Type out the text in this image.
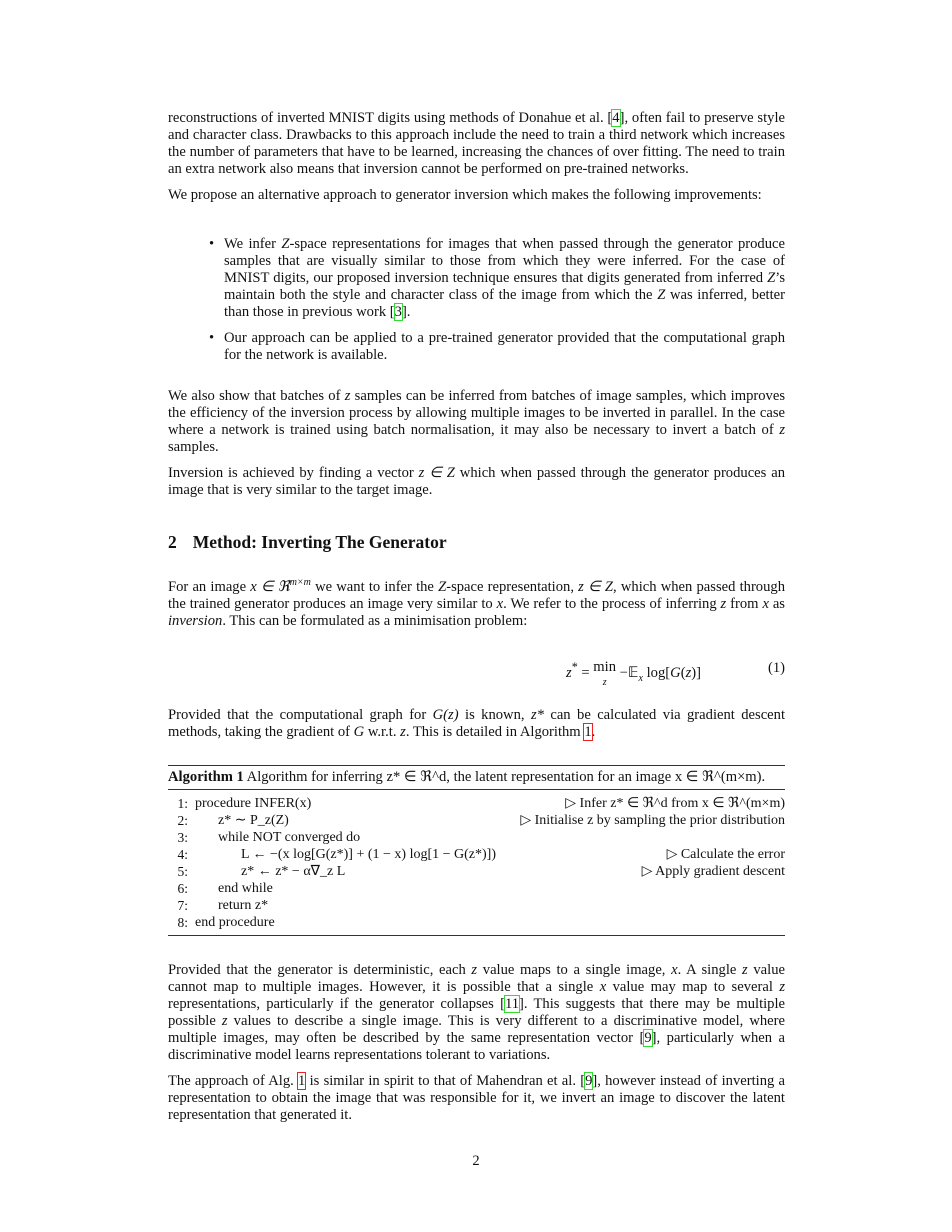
reconstructions of inverted MNIST digits using methods of Donahue et al. [4], often fail to preserve style and character class. Drawbacks to this approach include the need to train a third network which increases the number of parameters that have to be learned, increasing the chances of over fitting. The need to train an extra network also means that inversion cannot be performed on pre-trained networks.

We propose an alternative approach to generator inversion which makes the following improvements:

• We infer Z-space representations for images that when passed through the generator produce samples that are visually similar to those from which they were inferred. For the case of MNIST digits, our proposed inversion technique ensures that digits generated from inferred Z’s maintain both the style and character class of the image from which the Z was inferred, better than those in previous work [3].
• Our approach can be applied to a pre-trained generator provided that the computational graph for the network is available.

We also show that batches of z samples can be inferred from batches of image samples, which improves the efficiency of the inversion process by allowing multiple images to be inverted in parallel. In the case where a network is trained using batch normalisation, it may also be necessary to invert a batch of z samples.

Inversion is achieved by finding a vector z ∈ Z which when passed through the generator produces an image that is very similar to the target image.

2 Method: Inverting The Generator

For an image x ∈ ℜ$^{m\times m}$ we want to infer the Z-space representation, z ∈ Z, which when passed through the trained generator produces an image very similar to x. We refer to the process of inferring z from x as inversion. This can be formulated as a minimisation problem:

z* = min
z −𝔼$_x$ log[G(z)]	(1)

Provided that the computational graph for G(z) is known, z* can be calculated via gradient descent methods, taking the gradient of G w.r.t. z. This is detailed in Algorithm 1.

Algorithm 1 Algorithm for inferring z* ∈ ℜ^d, the latent representation for an image x ∈ ℜ^(m×m).
1: procedure INFER(x)	▷ Infer z* ∈ ℜ^d from x ∈ ℜ^(m×m)
2: z* ∼ P_z(Z)	▷ Initialise z by sampling the prior distribution
3: while NOT converged do
4:	L ← −(x log[G(z*)] + (1 − x) log[1 − G(z*)])	▷ Calculate the error
5:	z* ← z* − α∇_z L	▷ Apply gradient descent
6: end while
7: return z*
8: end procedure

Provided that the generator is deterministic, each z value maps to a single image, x. A single z value cannot map to multiple images. However, it is possible that a single x value may map to several z representations, particularly if the generator collapses [11]. This suggests that there may be multiple possible z values to describe a single image. This is very different to a discriminative model, where multiple images, may often be described by the same representation vector [9], particularly when a discriminative model learns representations tolerant to variations.

The approach of Alg. 1 is similar in spirit to that of Mahendran et al. [9], however instead of inverting a representation to obtain the image that was responsible for it, we invert an image to discover the latent representation that generated it.

2
